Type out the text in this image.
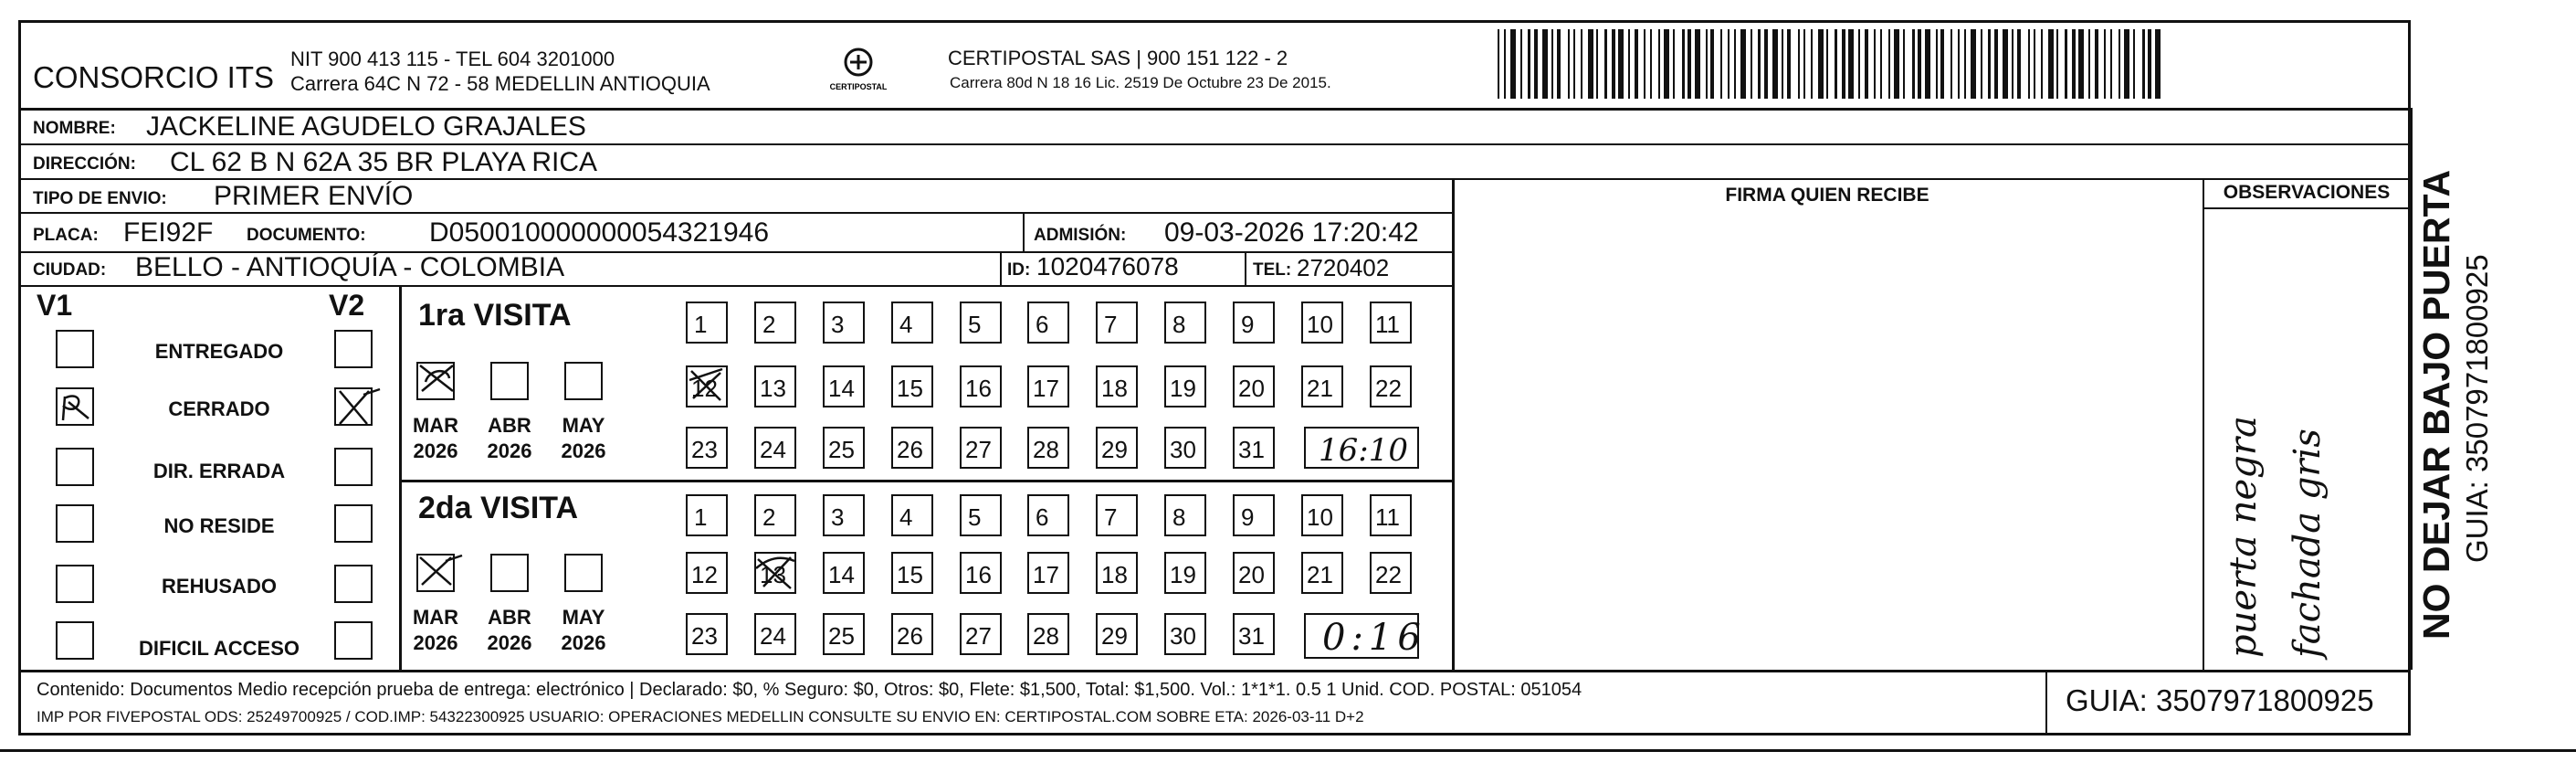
CONSORCIO ITS
NIT 900 413 115 - TEL 604 3201000
Carrera 64C N 72 - 58 MEDELLIN ANTIOQUIA	CERTIPOSTAL
CERTIPOSTAL SAS | 900 151 122 - 2
Carrera 80d N 18 16 Lic. 2519 De Octubre 23 De 2015.
NOMBRE: JACKELINE AGUDELO GRAJALES
DIRECCIÓN: CL 62 B N 62A 35 BR PLAYA RICA
TIPO DE ENVIO: PRIMER ENVÍO
PLACA: FEI92F DOCUMENTO: D050010000000054321946	ADMISIÓN: 09-03-2026 17:20:42
CIUDAD: BELLO - ANTIOQUÍA - COLOMBIA	ID: 1020476078	TEL: 2720402
FIRMA QUIEN RECIBE	OBSERVACIONES
V1	V2
ENTREGADO
CERRADO
DIR. ERRADA
NO RESIDE
REHUSADO
DIFICIL ACCESO
1ra VISITA
2da VISITA
MAR
2026
ABR
2026
MAY
2026
MAR
2026
ABR
2026
MAY
2026
1 2 3 4 5 6 7 8 9 10 11
12 13 14 15 16 17 18 19 20 21 22
23 24 25 26 27 28 29 30 31
1 2 3 4 5 6 7 8 9 10 11
12 13 14 15 16 17 18 19 20 21 22
23 24 25 26 27 28 29 30 31
16:10
0:16	puerta negra fachada gris NO DEJAR BAJO PUERTA GUIA: 3507971800925
Contenido: Documentos Medio recepción prueba de entrega: electrónico | Declarado: $0, % Seguro: $0, Otros: $0, Flete: $1,500, Total: $1,500. Vol.: 1*1*1. 0.5 1 Unid. COD. POSTAL: 051054
IMP POR FIVEPOSTAL ODS: 25249700925 / COD.IMP: 54322300925 USUARIO: OPERACIONES MEDELLIN CONSULTE SU ENVIO EN: CERTIPOSTAL.COM SOBRE ETA: 2026-03-11 D+2	GUIA: 3507971800925
